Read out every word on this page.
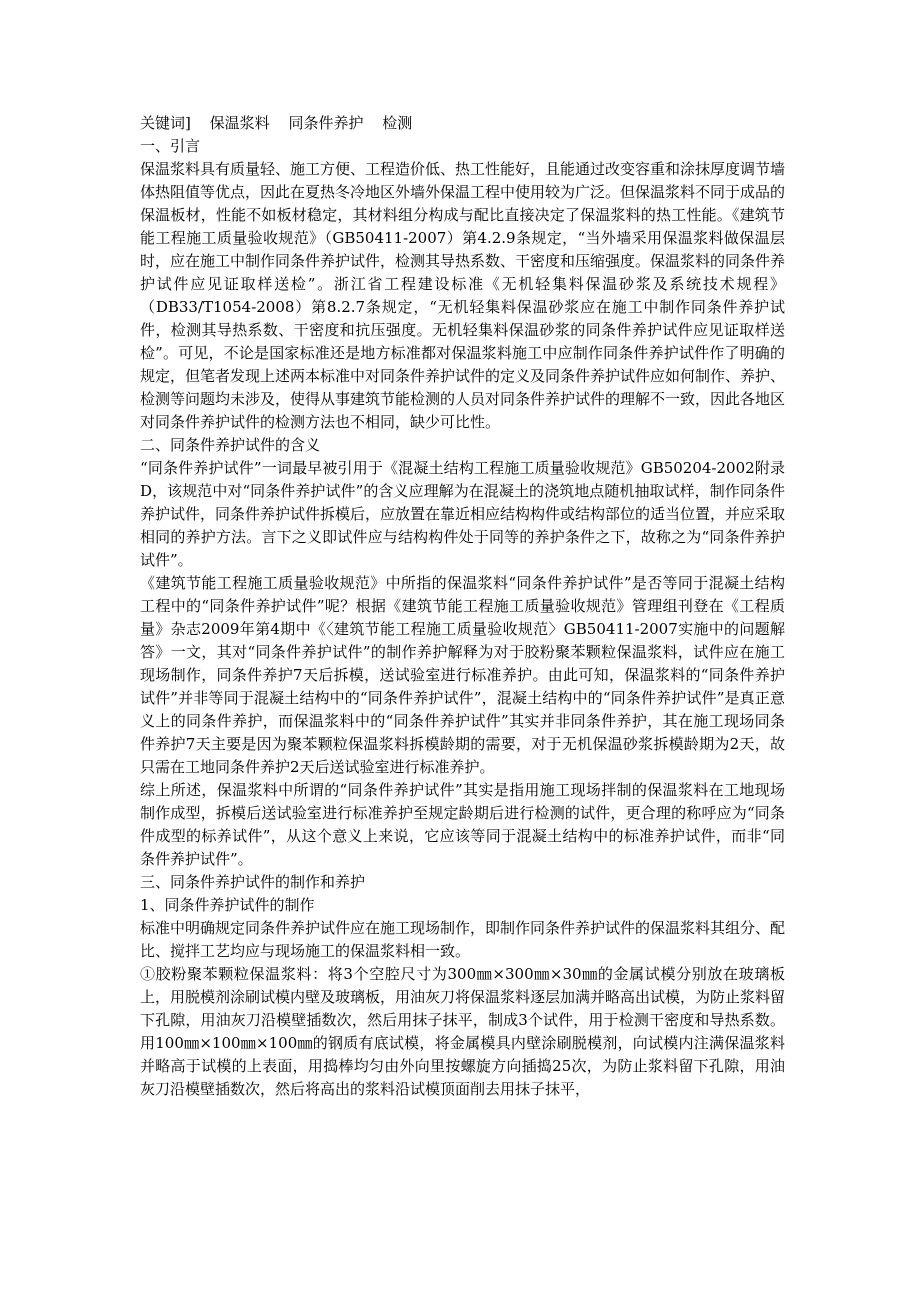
关键词] 保温浆料 同条件养护 检测
一、引言
保温浆料具有质量轻、施工方便、工程造价低、热工性能好，且能通过改变容重和涂抹厚度调节墙体热阻值等优点，因此在夏热冬冷地区外墙外保温工程中使用较为广泛。但保温浆料不同于成品的保温板材，性能不如板材稳定，其材料组分构成与配比直接决定了保温浆料的热工性能。《建筑节能工程施工质量验收规范》（GB50411-2007）第4.2.9条规定，“当外墙采用保温浆料做保温层时，应在施工中制作同条件养护试件，检测其导热系数、干密度和压缩强度。保温浆料的同条件养护试件应见证取样送检”。浙江省工程建设标准《无机轻集料保温砂浆及系统技术规程》（DB33/T1054-2008）第8.2.7条规定，“无机轻集料保温砂浆应在施工中制作同条件养护试件，检测其导热系数、干密度和抗压强度。无机轻集料保温砂浆的同条件养护试件应见证取样送检”。可见，不论是国家标准还是地方标准都对保温浆料施工中应制作同条件养护试件作了明确的规定，但笔者发现上述两本标准中对同条件养护试件的定义及同条件养护试件应如何制作、养护、检测等问题均未涉及，使得从事建筑节能检测的人员对同条件养护试件的理解不一致，因此各地区对同条件养护试件的检测方法也不相同，缺少可比性。
二、同条件养护试件的含义
“同条件养护试件”一词最早被引用于《混凝土结构工程施工质量验收规范》GB50204-2002附录D，该规范中对“同条件养护试件”的含义应理解为在混凝土的浇筑地点随机抽取试样，制作同条件养护试件，同条件养护试件拆模后，应放置在靠近相应结构构件或结构部位的适当位置，并应采取相同的养护方法。言下之义即试件应与结构构件处于同等的养护条件之下，故称之为“同条件养护试件”。
《建筑节能工程施工质量验收规范》中所指的保温浆料“同条件养护试件”是否等同于混凝土结构工程中的“同条件养护试件”呢？根据《建筑节能工程施工质量验收规范》管理组刊登在《工程质量》杂志2009年第4期中《〈建筑节能工程施工质量验收规范〉GB50411-2007实施中的问题解答》一文，其对“同条件养护试件”的制作养护解释为对于胶粉聚苯颗粒保温浆料，试件应在施工现场制作，同条件养护7天后拆模，送试验室进行标准养护。由此可知，保温浆料的“同条件养护试件”并非等同于混凝土结构中的“同条件养护试件”，混凝土结构中的“同条件养护试件”是真正意义上的同条件养护，而保温浆料中的“同条件养护试件”其实并非同条件养护，其在施工现场同条件养护7天主要是因为聚苯颗粒保温浆料拆模龄期的需要，对于无机保温砂浆拆模龄期为2天，故只需在工地同条件养护2天后送试验室进行标准养护。
综上所述，保温浆料中所谓的“同条件养护试件”其实是指用施工现场拌制的保温浆料在工地现场制作成型，拆模后送试验室进行标准养护至规定龄期后进行检测的试件，更合理的称呼应为“同条件成型的标养试件”，从这个意义上来说，它应该等同于混凝土结构中的标准养护试件，而非“同条件养护试件”。
三、同条件养护试件的制作和养护
1、同条件养护试件的制作
标准中明确规定同条件养护试件应在施工现场制作，即制作同条件养护试件的保温浆料其组分、配比、搅拌工艺均应与现场施工的保温浆料相一致。
①胶粉聚苯颗粒保温浆料：将3个空腔尺寸为300㎜×300㎜×30㎜的金属试模分别放在玻璃板上，用脱模剂涂刷试模内壁及玻璃板，用油灰刀将保温浆料逐层加满并略高出试模，为防止浆料留下孔隙，用油灰刀沿模壁插数次，然后用抹子抹平，制成3个试件，用于检测干密度和导热系数。用100㎜×100㎜×100㎜的钢质有底试模，将金属模具内壁涂刷脱模剂，向试模内注满保温浆料并略高于试模的上表面，用捣棒均匀由外向里按螺旋方向插捣25次，为防止浆料留下孔隙，用油灰刀沿模壁插数次，然后将高出的浆料沿试模顶面削去用抹子抹平，
